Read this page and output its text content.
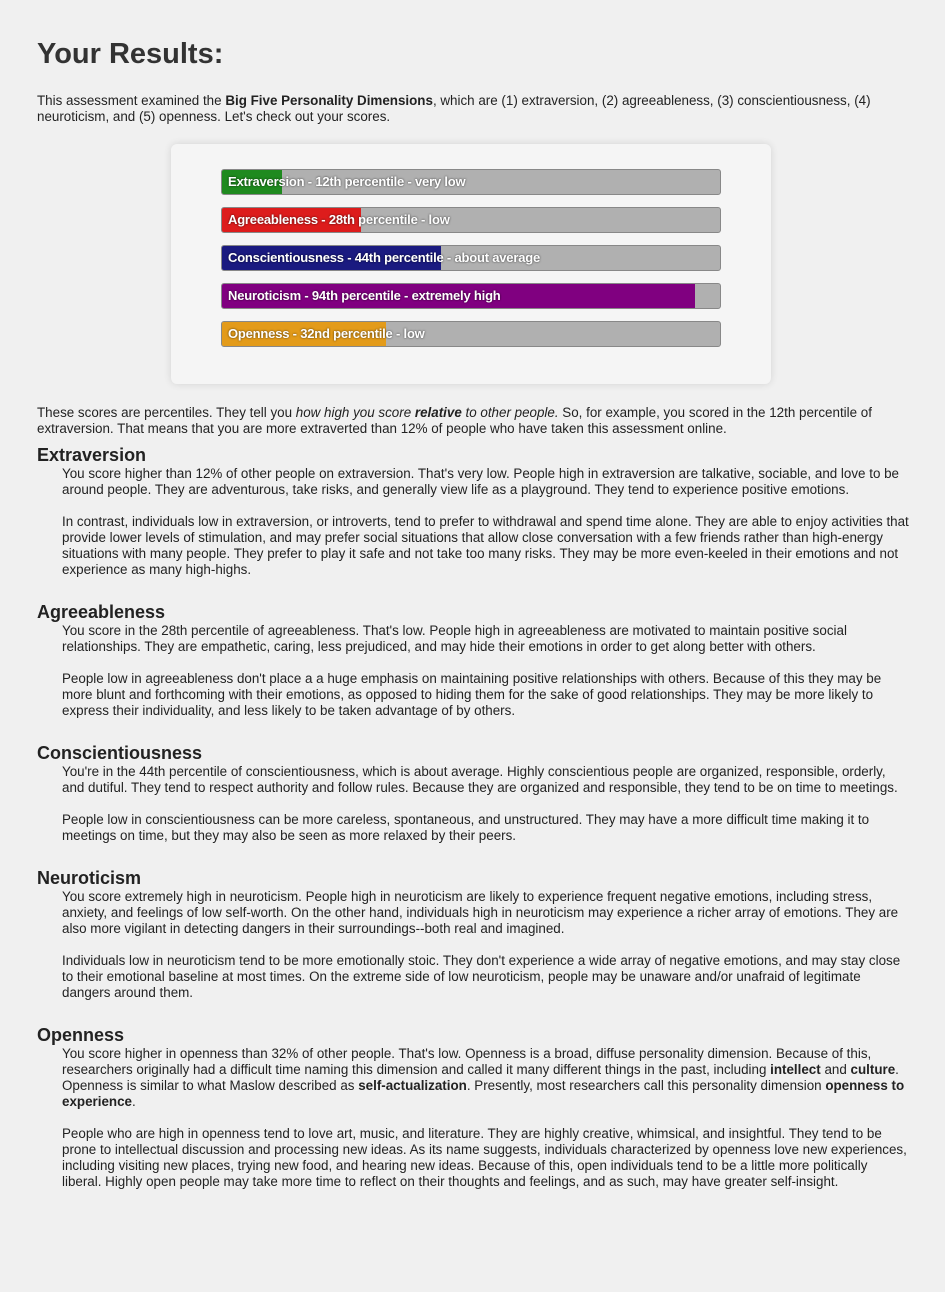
Your Results:

This assessment examined the Big Five Personality Dimensions, which are (1) extraversion, (2) agreeableness, (3) conscientiousness, (4) neuroticism, and (5) openness. Let's check out your scores.

Extraversion - 12th percentile - very low
Agreeableness - 28th percentile - low
Conscientiousness - 44th percentile - about average
Neuroticism - 94th percentile - extremely high
Openness - 32nd percentile - low

These scores are percentiles. They tell you how high you score relative to other people. So, for example, you scored in the 12th percentile of extraversion. That means that you are more extraverted than 12% of people who have taken this assessment online.

Extraversion

You score higher than 12% of other people on extraversion. That's very low. People high in extraversion are talkative, sociable, and love to be around people. They are adventurous, take risks, and generally view life as a playground. They tend to experience positive emotions.

In contrast, individuals low in extraversion, or introverts, tend to prefer to withdrawal and spend time alone. They are able to enjoy activities that provide lower levels of stimulation, and may prefer social situations that allow close conversation with a few friends rather than high-energy situations with many people. They prefer to play it safe and not take too many risks. They may be more even-keeled in their emotions and not experience as many high-highs.

Agreeableness

You score in the 28th percentile of agreeableness. That's low. People high in agreeableness are motivated to maintain positive social relationships. They are empathetic, caring, less prejudiced, and may hide their emotions in order to get along better with others.

People low in agreeableness don't place a a huge emphasis on maintaining positive relationships with others. Because of this they may be more blunt and forthcoming with their emotions, as opposed to hiding them for the sake of good relationships. They may be more likely to express their individuality, and less likely to be taken advantage of by others.

Conscientiousness

You're in the 44th percentile of conscientiousness, which is about average. Highly conscientious people are organized, responsible, orderly, and dutiful. They tend to respect authority and follow rules. Because they are organized and responsible, they tend to be on time to meetings.

People low in conscientiousness can be more careless, spontaneous, and unstructured. They may have a more difficult time making it to meetings on time, but they may also be seen as more relaxed by their peers.

Neuroticism

You score extremely high in neuroticism. People high in neuroticism are likely to experience frequent negative emotions, including stress, anxiety, and feelings of low self-worth. On the other hand, individuals high in neuroticism may experience a richer array of emotions. They are also more vigilant in detecting dangers in their surroundings--both real and imagined.

Individuals low in neuroticism tend to be more emotionally stoic. They don't experience a wide array of negative emotions, and may stay close to their emotional baseline at most times. On the extreme side of low neuroticism, people may be unaware and/or unafraid of legitimate dangers around them.

Openness

You score higher in openness than 32% of other people. That's low. Openness is a broad, diffuse personality dimension. Because of this, researchers originally had a difficult time naming this dimension and called it many different things in the past, including intellect and culture. Openness is similar to what Maslow described as self-actualization. Presently, most researchers call this personality dimension openness to experience.

People who are high in openness tend to love art, music, and literature. They are highly creative, whimsical, and insightful. They tend to be prone to intellectual discussion and processing new ideas. As its name suggests, individuals characterized by openness love new experiences, including visiting new places, trying new food, and hearing new ideas. Because of this, open individuals tend to be a little more politically liberal. Highly open people may take more time to reflect on their thoughts and feelings, and as such, may have greater self-insight.
